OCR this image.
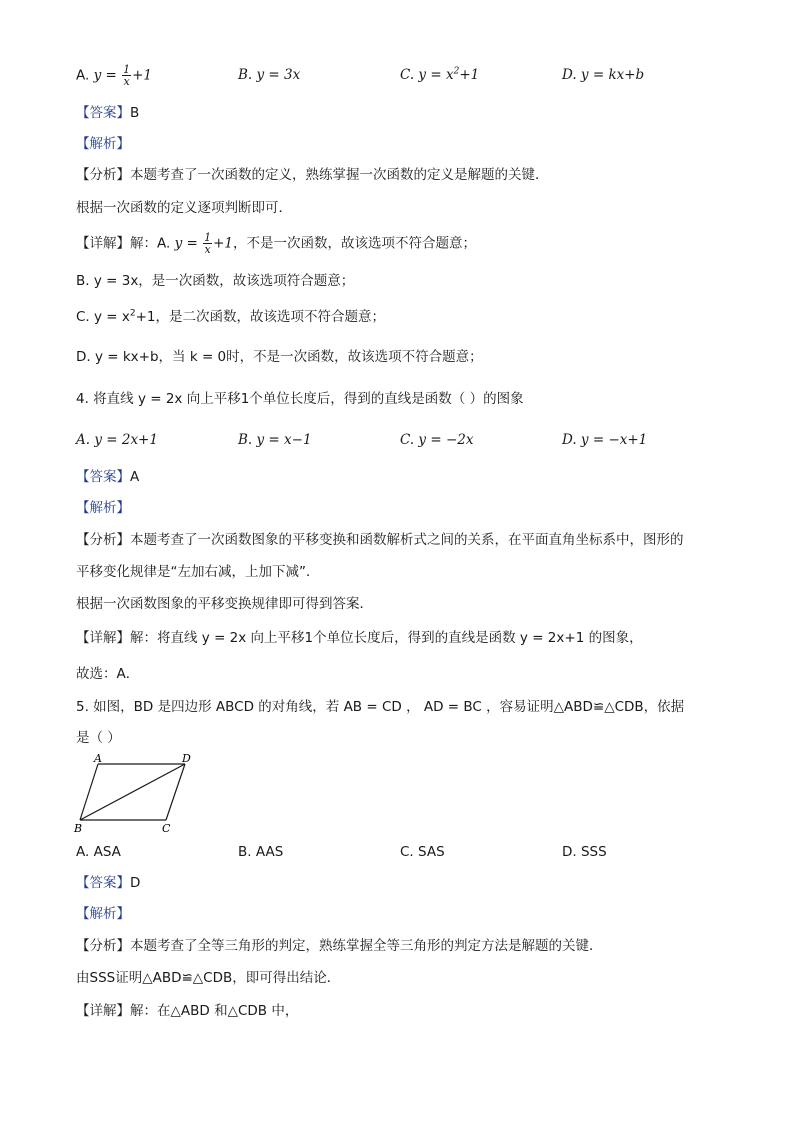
A. $y = \frac{1}{x} +1$	B. y = 3x	C. $y = x^2+1$	D. y = kx+b
【答案】B
【解析】
【分析】本题考查了一次函数的定义，熟练掌握一次函数的定义是解题的关键．
根据一次函数的定义逐项判断即可．
【详解】解：A. $y = \frac{1}{x} +1$，不是一次函数，故该选项不符合题意；
B. y = 3x，是一次函数，故该选项符合题意；
C. $y = x^2+1$，是二次函数，故该选项不符合题意；
D. y = kx+b，当 k = 0时，不是一次函数，故该选项不符合题意；
4. 将直线 y = 2x 向上平移1个单位长度后，得到的直线是函数（ ）的图象
A. y = 2x+1	B. y = x−1	C. y = −2x	D. y = −x+1
【答案】A
【解析】
【分析】本题考查了一次函数图象的平移变换和函数解析式之间的关系，在平面直角坐标系中，图形的
平移变化规律是“左加右减，上加下减”．
根据一次函数图象的平移变换规律即可得到答案．
【详解】解：将直线 y = 2x 向上平移1个单位长度后，得到的直线是函数 y = 2x+1 的图象，
故选：A．
5. 如图，BD 是四边形 ABCD 的对角线，若 AB = CD ， AD = BC ，容易证明△ABD≌△CDB，依据
是（ ）
A	D
B	C
A. ASA	B. AAS	C. SAS	D. SSS
【答案】D
【解析】
【分析】本题考查了全等三角形的判定，熟练掌握全等三角形的判定方法是解题的关键．
由SSS证明△ABD≌△CDB，即可得出结论．
【详解】解：在△ABD 和△CDB 中，
